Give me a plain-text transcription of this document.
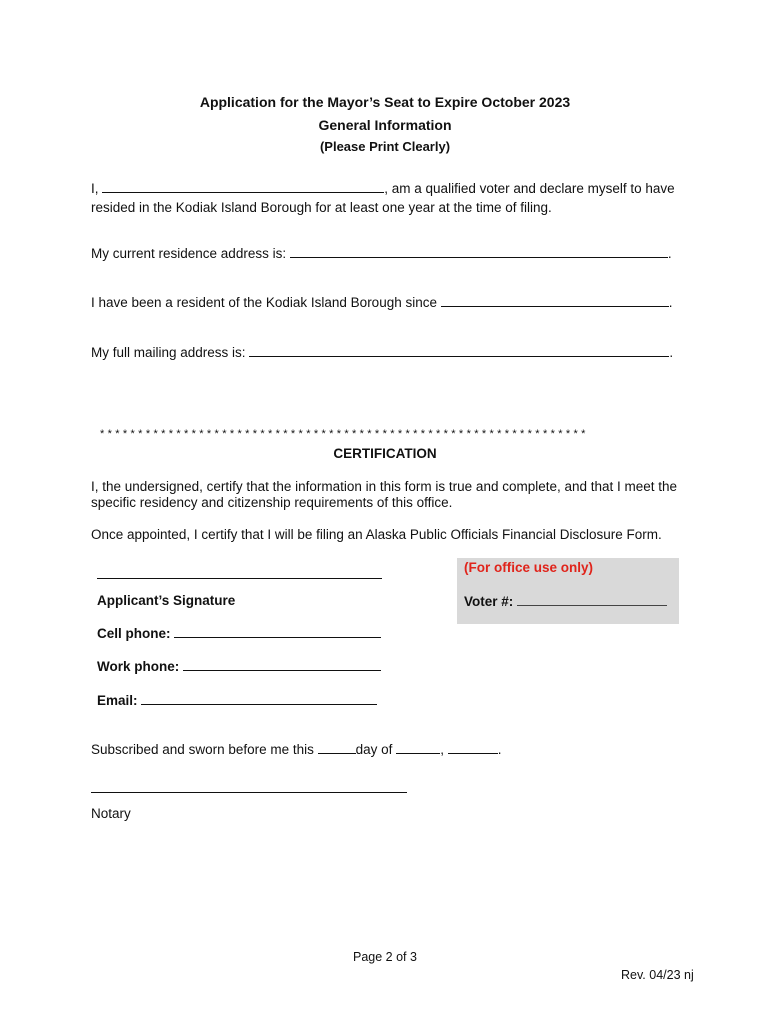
Application for the Mayor’s Seat to Expire October 2023
General Information
(Please Print Clearly)
I,	, am a qualified voter and declare myself to have
resided in the Kodiak Island Borough for at least one year at the time of filing.
My current residence address is:	.
I have been a resident of the Kodiak Island Borough since	.
My full mailing address is:	.
* * * * * * * * * * * * * * * * * * * * * * * * * * * * * * * * * * * * * * * * * * * * * * * * * * * * * * * * * * * * * * * *
CERTIFICATION
I, the undersigned, certify that the information in this form is true and complete, and that I meet the
specific residency and citizenship requirements of this office.
Once appointed, I certify that I will be filing an Alaska Public Officials Financial Disclosure Form.
Applicant’s Signature
(For office use only)
Voter #:
Cell phone:
Work phone:
Email:
Subscribed and sworn before me this	day of	,	.
Notary
Page 2 of 3
Rev. 04/23 nj
